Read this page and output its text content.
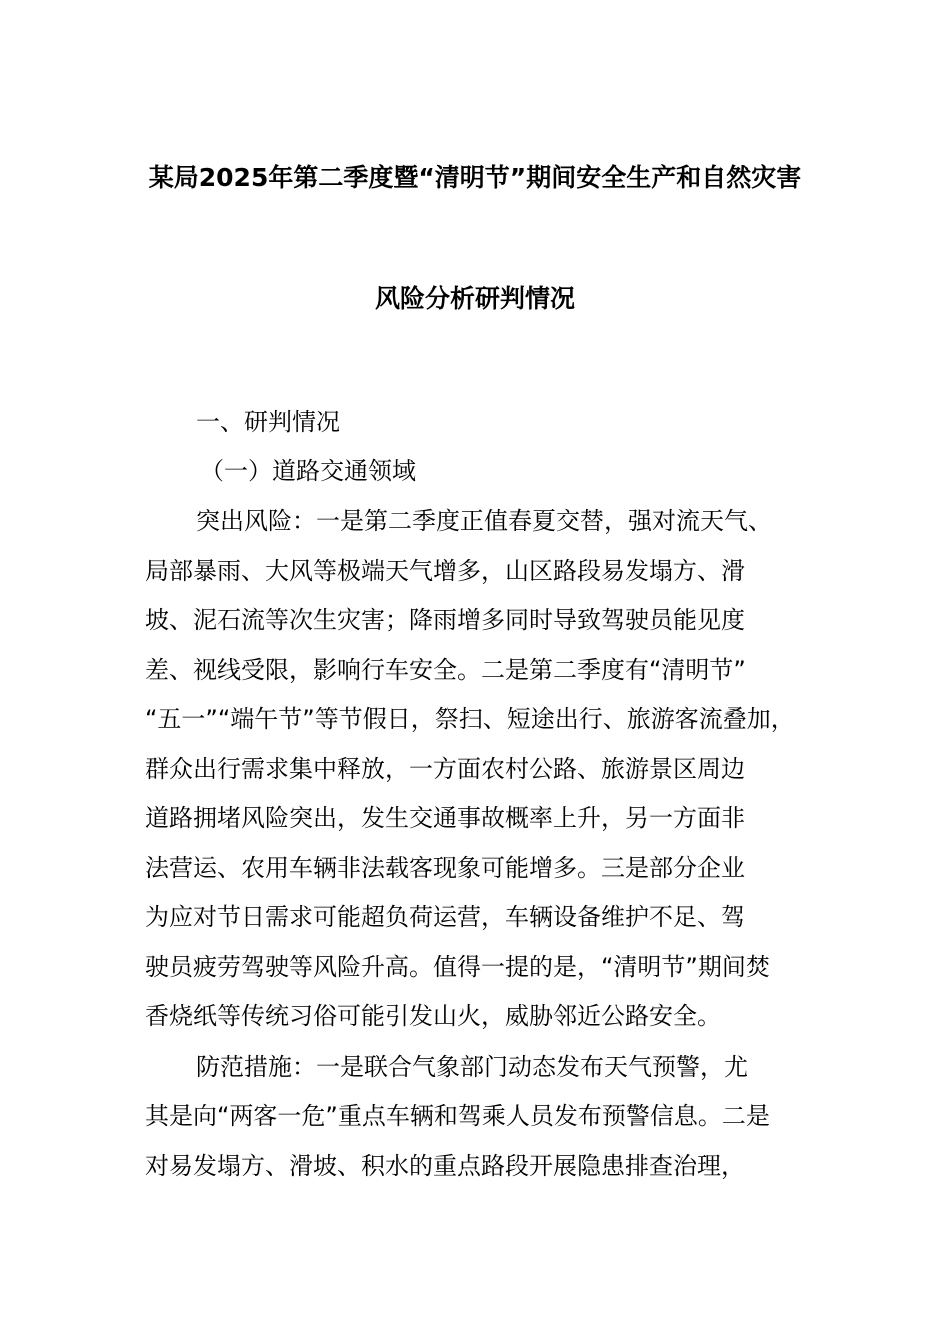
某局2025年第二季度暨“清明节”期间安全生产和自然灾害
风险分析研判情况
一、研判情况
（一）道路交通领域
突出风险：一是第二季度正值春夏交替，强对流天气、
局部暴雨、大风等极端天气增多，山区路段易发塌方、滑
坡、泥石流等次生灾害；降雨增多同时导致驾驶员能见度
差、视线受限，影响行车安全。二是第二季度有“清明节”
“五一”“端午节”等节假日，祭扫、短途出行、旅游客流叠加，
群众出行需求集中释放，一方面农村公路、旅游景区周边
道路拥堵风险突出，发生交通事故概率上升，另一方面非
法营运、农用车辆非法载客现象可能增多。三是部分企业
为应对节日需求可能超负荷运营，车辆设备维护不足、驾
驶员疲劳驾驶等风险升高。值得一提的是，“清明节”期间焚
香烧纸等传统习俗可能引发山火，威胁邻近公路安全。
防范措施：一是联合气象部门动态发布天气预警，尤
其是向“两客一危”重点车辆和驾乘人员发布预警信息。二是
对易发塌方、滑坡、积水的重点路段开展隐患排查治理，
